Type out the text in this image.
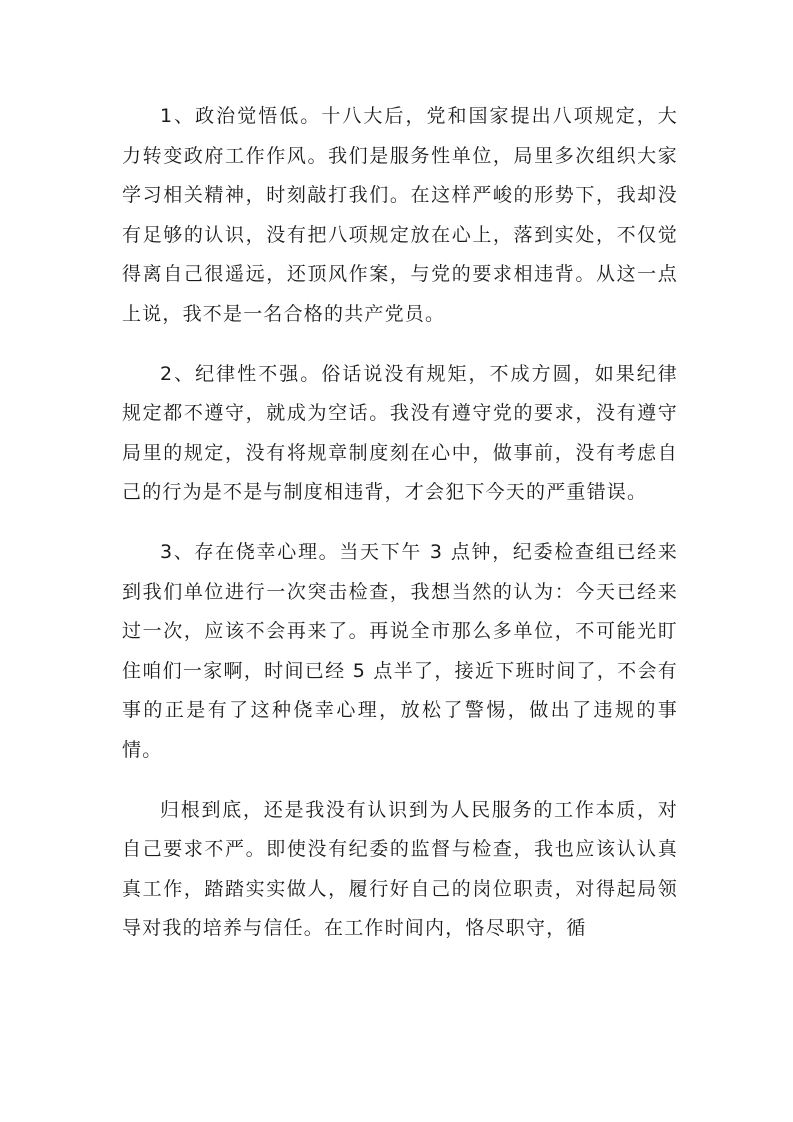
1、政治觉悟低。十八大后，党和国家提出八项规定，大力转变政府工作作风。我们是服务性单位，局里多次组织大家学习相关精神，时刻敲打我们。在这样严峻的形势下，我却没有足够的认识，没有把八项规定放在心上，落到实处，不仅觉得离自己很遥远，还顶风作案，与党的要求相违背。从这一点上说，我不是一名合格的共产党员。

2、纪律性不强。俗话说没有规矩，不成方圆，如果纪律规定都不遵守，就成为空话。我没有遵守党的要求，没有遵守局里的规定，没有将规章制度刻在心中，做事前，没有考虑自己的行为是不是与制度相违背，才会犯下今天的严重错误。

3、存在侥幸心理。当天下午 3 点钟，纪委检查组已经来到我们单位进行一次突击检查，我想当然的认为：今天已经来过一次，应该不会再来了。再说全市那么多单位，不可能光盯住咱们一家啊，时间已经 5 点半了，接近下班时间了，不会有事的正是有了这种侥幸心理，放松了警惕，做出了违规的事情。

归根到底，还是我没有认识到为人民服务的工作本质，对自己要求不严。即使没有纪委的监督与检查，我也应该认认真真工作，踏踏实实做人，履行好自己的岗位职责，对得起局领导对我的培养与信任。在工作时间内，恪尽职守，循
